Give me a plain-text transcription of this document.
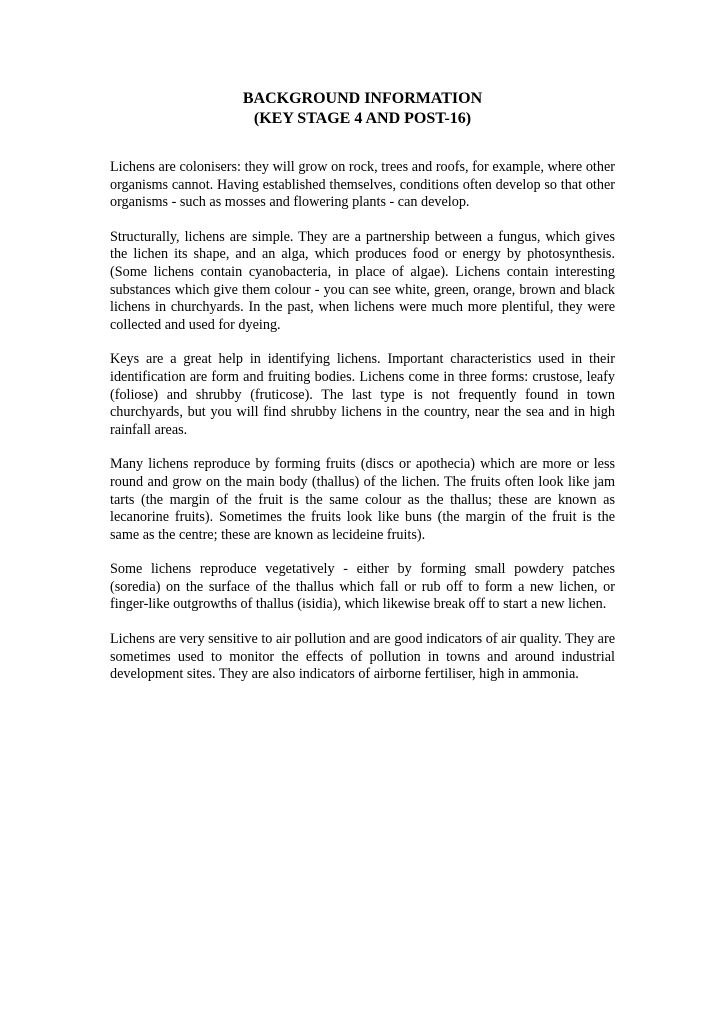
BACKGROUND INFORMATION
(KEY STAGE 4 AND POST-16)

Lichens are colonisers: they will grow on rock, trees and roofs, for example, where other organisms cannot. Having established themselves, conditions often develop so that other organisms - such as mosses and flowering plants - can develop.

Structurally, lichens are simple. They are a partnership between a fungus, which gives the lichen its shape, and an alga, which produces food or energy by photosynthesis. (Some lichens contain cyanobacteria, in place of algae). Lichens contain interesting substances which give them colour - you can see white, green, orange, brown and black lichens in churchyards. In the past, when lichens were much more plentiful, they were collected and used for dyeing.

Keys are a great help in identifying lichens. Important characteristics used in their identification are form and fruiting bodies. Lichens come in three forms: crustose, leafy (foliose) and shrubby (fruticose). The last type is not frequently found in town churchyards, but you will find shrubby lichens in the country, near the sea and in high rainfall areas.

Many lichens reproduce by forming fruits (discs or apothecia) which are more or less round and grow on the main body (thallus) of the lichen. The fruits often look like jam tarts (the margin of the fruit is the same colour as the thallus; these are known as lecanorine fruits). Sometimes the fruits look like buns (the margin of the fruit is the same as the centre; these are known as lecideine fruits).

Some lichens reproduce vegetatively - either by forming small powdery patches (soredia) on the surface of the thallus which fall or rub off to form a new lichen, or finger-like outgrowths of thallus (isidia), which likewise break off to start a new lichen.

Lichens are very sensitive to air pollution and are good indicators of air quality. They are sometimes used to monitor the effects of pollution in towns and around industrial development sites. They are also indicators of airborne fertiliser, high in ammonia.
